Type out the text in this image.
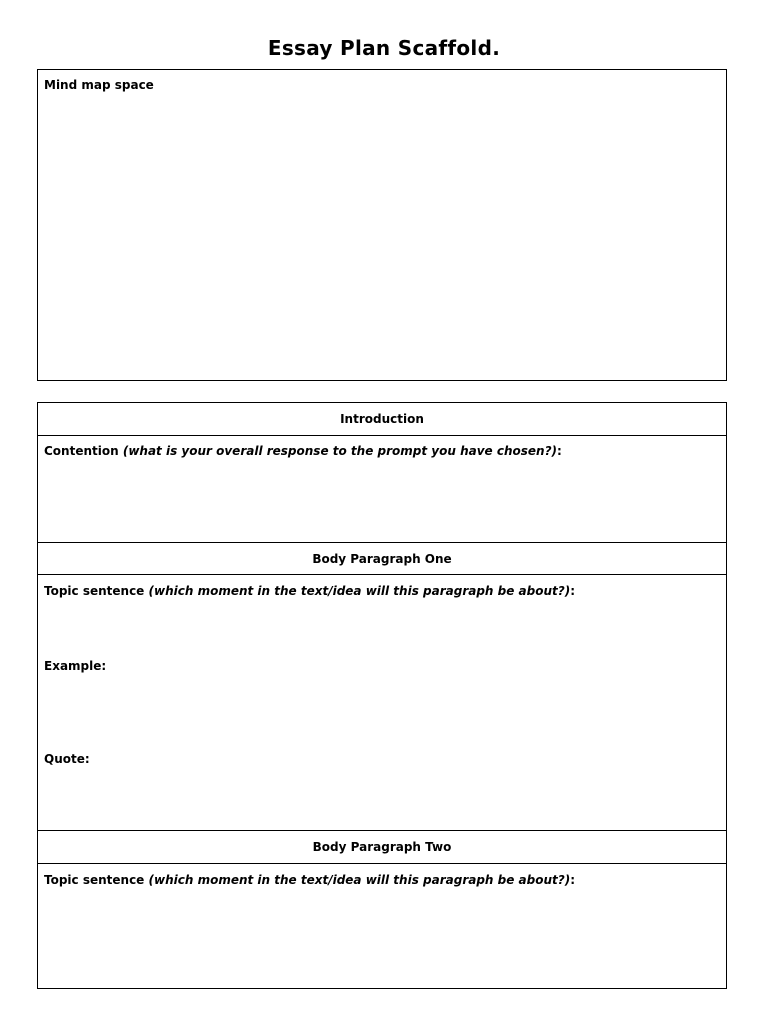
Essay Plan Scaffold.
Mind map space
Introduction
Contention (what is your overall response to the prompt you have chosen?):
Body Paragraph One
Topic sentence (which moment in the text/idea will this paragraph be about?):
Example:
Quote:
Body Paragraph Two
Topic sentence (which moment in the text/idea will this paragraph be about?):
